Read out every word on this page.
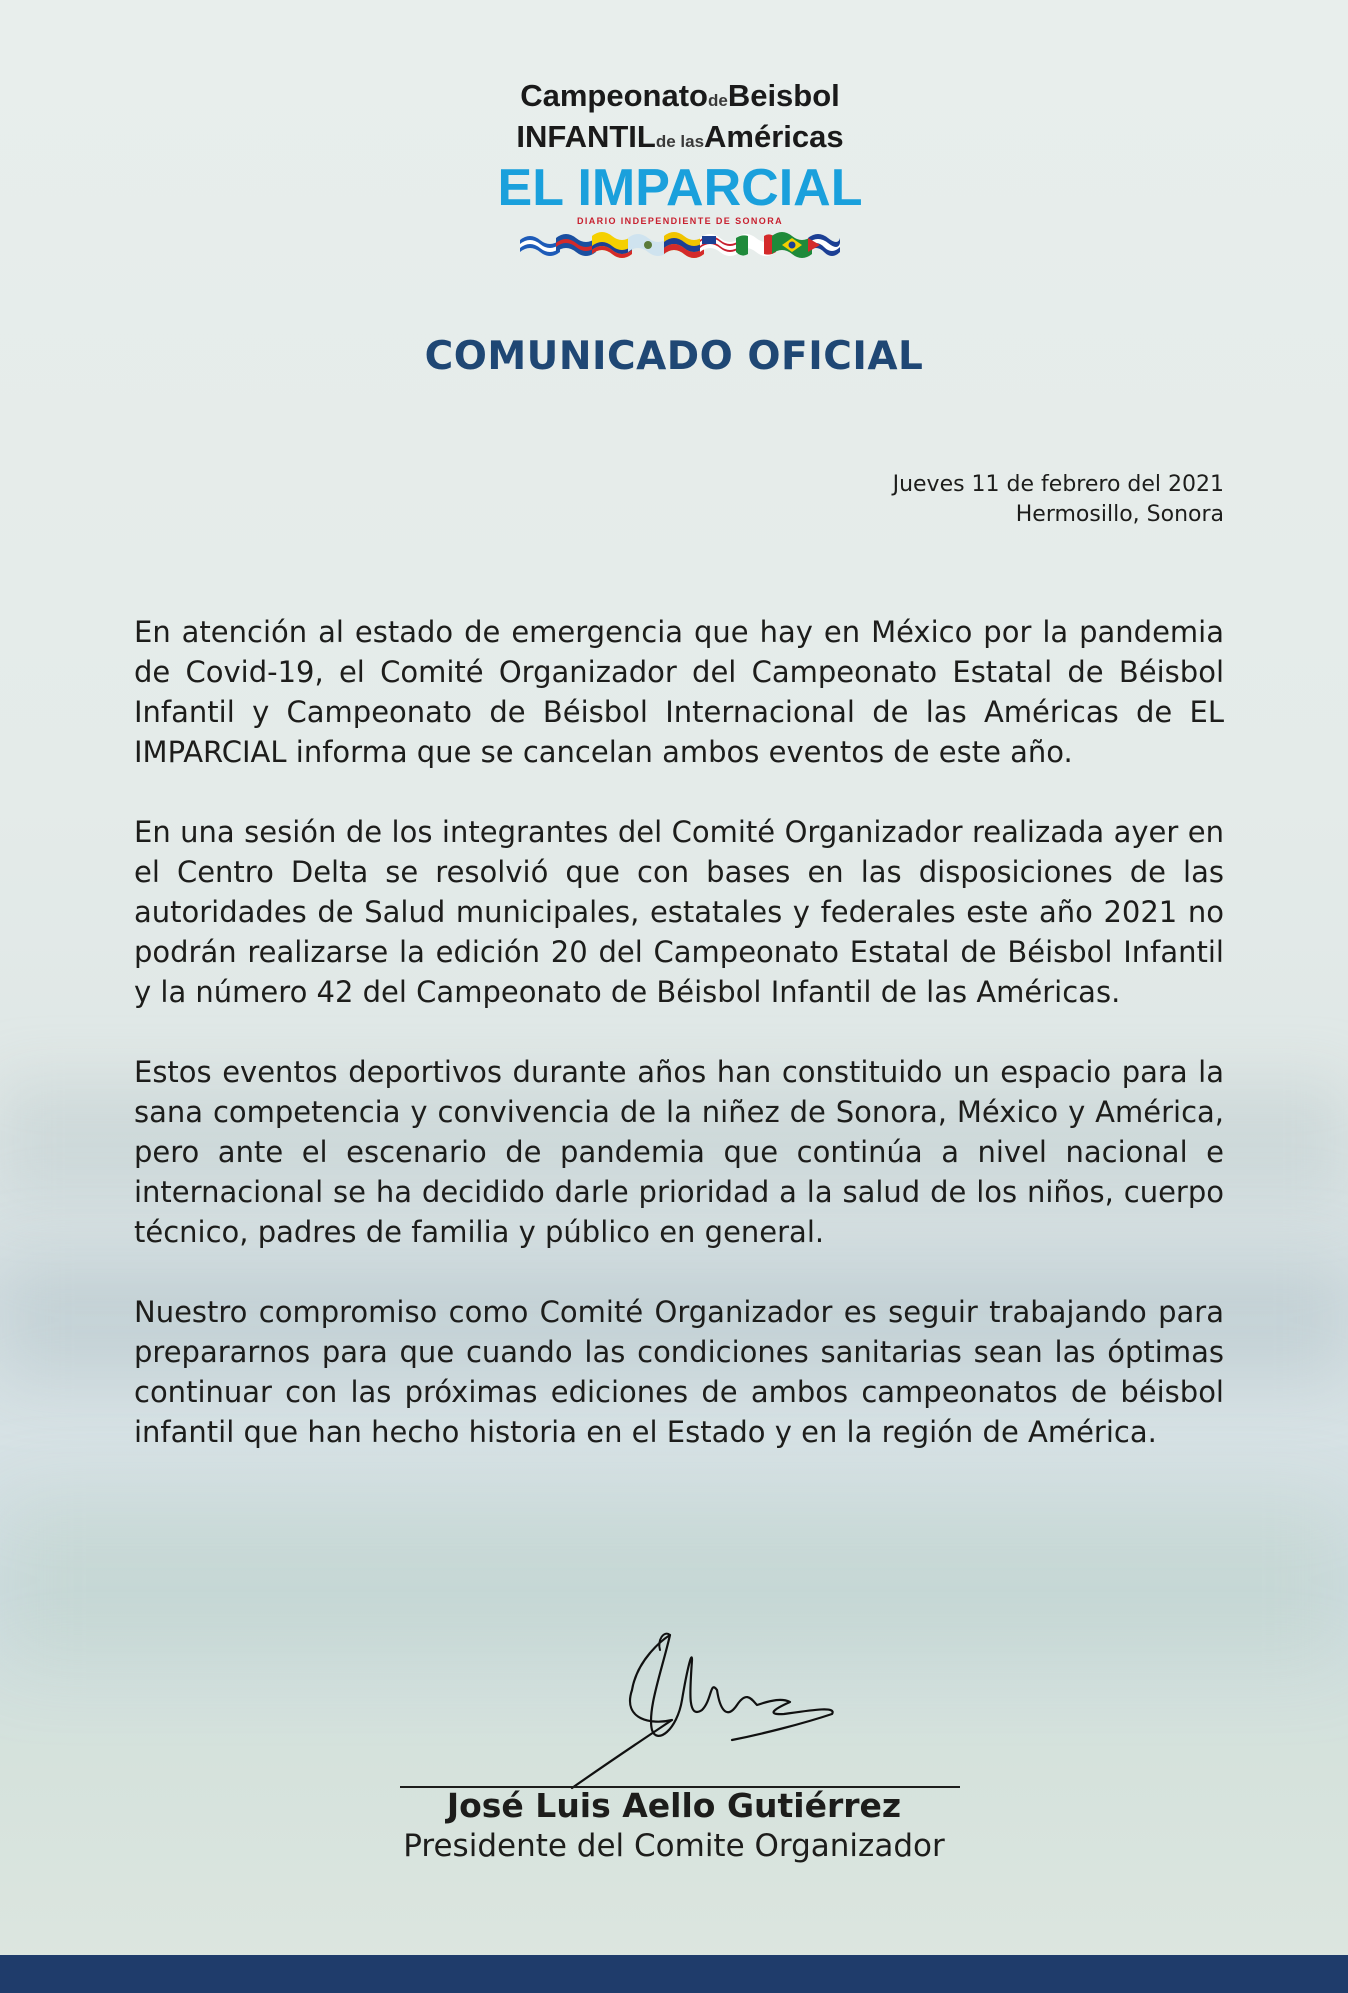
CampeonatodeBeisbol
INFANTILde lasAméricas
EL IMPARCIAL
DIARIO INDEPENDIENTE DE SONORA
COMUNICADO OFICIAL
Jueves 11 de febrero del 2021
Hermosillo, Sonora

En atención al estado de emergencia que hay en México por la pandemia de Covid-19, el Comité Organizador del Campeonato Estatal de Béisbol Infantil y Campeonato de Béisbol Internacional de las Américas de EL IMPARCIAL informa que se cancelan ambos eventos de este año.

En una sesión de los integrantes del Comité Organizador realizada ayer en el Centro Delta se resolvió que con bases en las disposiciones de las autoridades de Salud municipales, estatales y federales este año 2021 no podrán realizarse la edición 20 del Campeonato Estatal de Béisbol Infantil y la número 42 del Campeonato de Béisbol Infantil de las Américas.

Estos eventos deportivos durante años han constituido un espacio para la sana competencia y convivencia de la niñez de Sonora, México y América, pero ante el escenario de pandemia que continúa a nivel nacional e internacional se ha decidido darle prioridad a la salud de los niños, cuerpo técnico, padres de familia y público en general.

Nuestro compromiso como Comité Organizador es seguir trabajando para prepararnos para que cuando las condiciones sanitarias sean las óptimas continuar con las próximas ediciones de ambos campeonatos de béisbol infantil que han hecho historia en el Estado y en la región de América.

José Luis Aello Gutiérrez
Presidente del Comite Organizador
